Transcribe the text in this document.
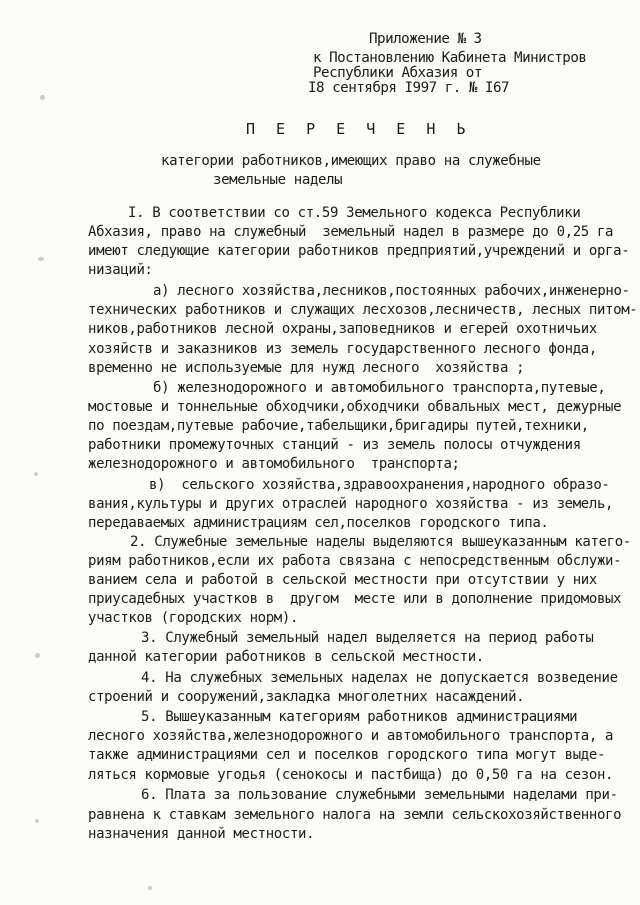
Приложение № 3
к Постановлению Кабинета Министров
Республики Абхазия от
I8 сентября I997 г. № I67
П Е Р Е Ч Е Н Ь
категории работников,имеющих право на служебные
земельные наделы
I. В соответствии со ст.59 Земельного кодекса Республики
Абхазия, право на служебный  земельный надел в размере до 0,25 га
имеют следующие категории работников предприятий,учреждений и орга-
низаций:
а) лесного хозяйства,лесников,постоянных рабочих,инженерно-
технических работников и служащих лесхозов,лесничеств, лесных питом-
ников,работников лесной охраны,заповедников и егерей охотничьих
хозяйств и заказников из земель государственного лесного фонда,
временно не используемые для нужд лесного  хозяйства ;
б) железнодорожного и автомобильного транспорта,путевые,
мостовые и тоннельные обходчики,обходчики обвальных мест, дежурные
по поездам,путевые рабочие,табельщики,бригадиры путей,техники,
работники промежуточных станций - из земель полосы отчуждения
железнодорожного и автомобильного  транспорта;
в)  сельского хозяйства,здравоохранения,народного образо-
вания,культуры и других отраслей народного хозяйства - из земель,
передаваемых администрациям сел,поселков городского типа.
2. Служебные земельные наделы выделяются вышеуказанным катего-
риям работников,если их работа связана с непосредственным обслужи-
ванием села и работой в сельской местности при отсутствии у них
приусадебных участков в  другом  месте или в дополнение придомовых
участков (городских норм).
3. Служебный земельный надел выделяется на период работы
данной категории работников в сельской местности.
4. На служебных земельных наделах не допускается возведение
строений и сооружений,закладка многолетних насаждений.
5. Вышеуказанным категориям работников администрациями
лесного хозяйства,железнодорожного и автомобильного транспорта, а
также администрациями сел и поселков городского типа могут выде-
ляться кормовые угодья (сенокосы и пастбища) до 0,50 га на сезон.
6. Плата за пользование служебными земельными наделами при-
равнена к ставкам земельного налога на земли сельскохозяйственного
назначения данной местности.
